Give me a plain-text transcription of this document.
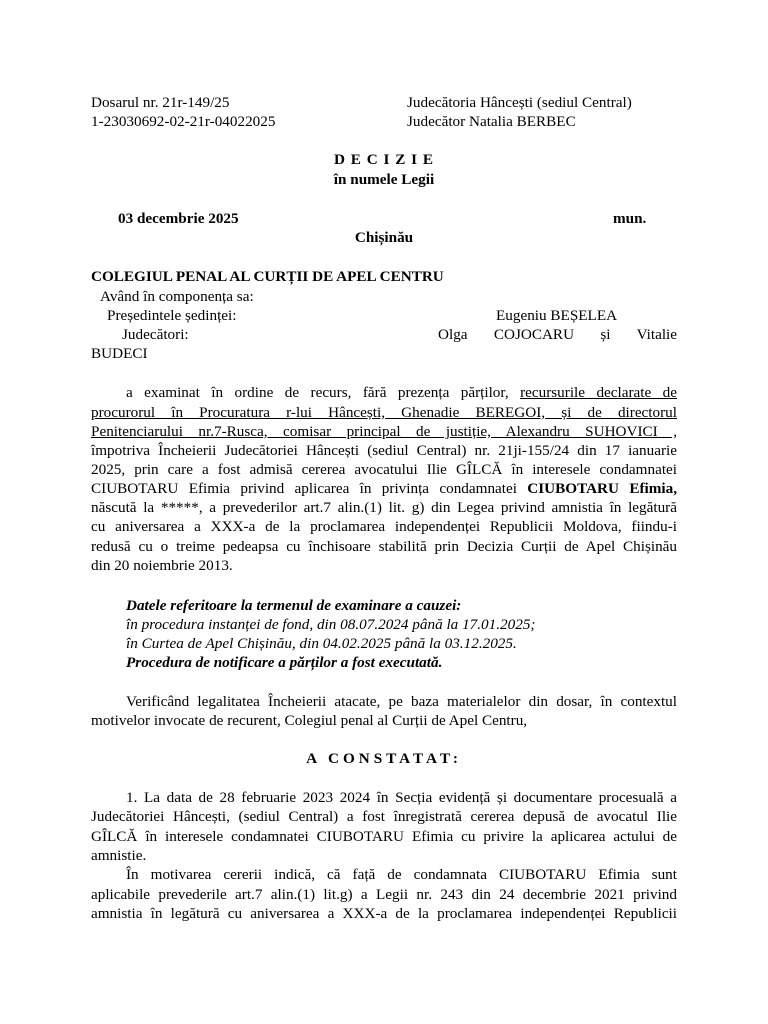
Dosarul nr. 21r-149/25
1-23030692-02-21r-04022025
Judecătoria Hâncești (sediul Central)
Judecător Natalia BERBEC
D E C I Z I E
în numele Legii
03 decembrie 2025	mun.
Chișinău
COLEGIUL PENAL AL CURȚII DE APEL CENTRU
Având în componența sa:
Președintele ședinței:	Eugeniu BEȘELEA
Judecători:	Olga COJOCARU și Vitalie
BUDECI
a examinat în ordine de recurs, fără prezența părților, recursurile declarate de
procurorul în Procuratura r-lui Hâncești, Ghenadie BEREGOI, și de directorul
Penitenciarului nr.7-Rusca, comisar principal de justiție, Alexandru SUHOVICI ,
împotriva Încheierii Judecătoriei Hâncești (sediul Central) nr. 21ji-155/24 din 17 ianuarie
2025, prin care a fost admisă cererea avocatului Ilie GÎLCĂ în interesele condamnatei
CIUBOTARU Efimia privind aplicarea în privința condamnatei CIUBOTARU Efimia,
născută la *****, a prevederilor art.7 alin.(1) lit. g) din Legea privind amnistia în legătură
cu aniversarea a XXX-a de la proclamarea independenței Republicii Moldova, fiindu-i
redusă cu o treime pedeapsa cu închisoare stabilită prin Decizia Curții de Apel Chișinău
din 20 noiembrie 2013.
Datele referitoare la termenul de examinare a cauzei:
în procedura instanței de fond, din 08.07.2024 până la 17.01.2025;
în Curtea de Apel Chișinău, din 04.02.2025 până la 03.12.2025.
Procedura de notificare a părților a fost executată.
Verificând legalitatea Încheierii atacate, pe baza materialelor din dosar, în contextul
motivelor invocate de recurent, Colegiul penal al Curții de Apel Centru,
A CONSTATAT:
1. La data de 28 februarie 2023 2024 în Secția evidență și documentare procesuală a
Judecătoriei Hâncești, (sediul Central) a fost înregistrată cererea depusă de avocatul Ilie
GÎLCĂ în interesele condamnatei CIUBOTARU Efimia cu privire la aplicarea actului de
amnistie.
În motivarea cererii indică, că față de condamnata CIUBOTARU Efimia sunt
aplicabile prevederile art.7 alin.(1) lit.g) a Legii nr. 243 din 24 decembrie 2021 privind
amnistia în legătură cu aniversarea a XXX-a de la proclamarea independenței Republicii
